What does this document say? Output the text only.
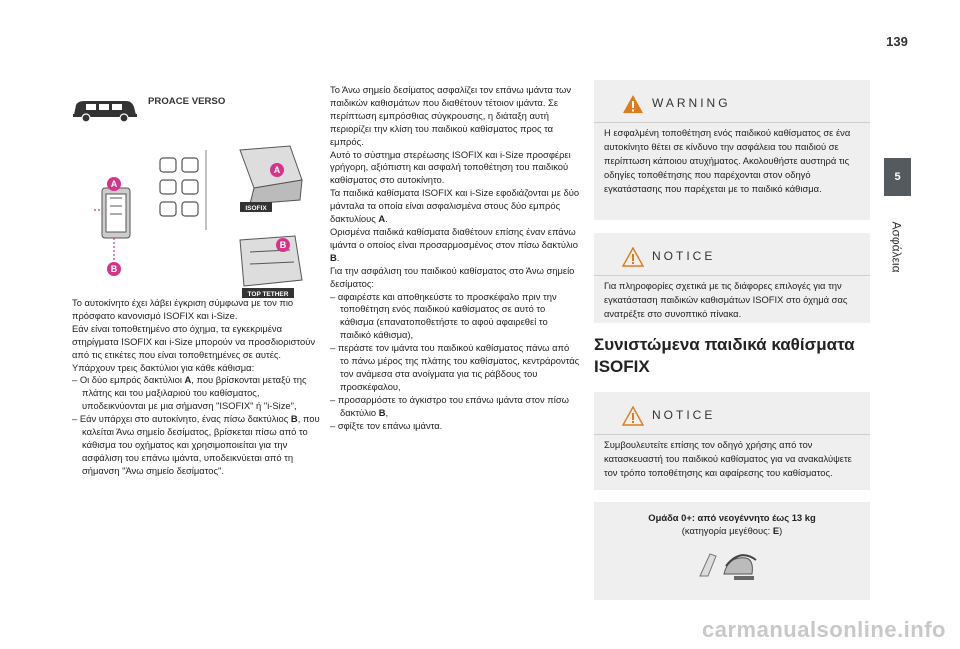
139
5
Ασφάλεια
PROACE VERSO
A
B
A
ISOFIX
B
TOP TETHER

Το αυτοκίνητο έχει λάβει έγκριση σύμφωνα με τον πιο πρόσφατο κανονισμό ISOFIX και i-Size.

Εάν είναι τοποθετημένο στο όχημα, τα εγκεκριμένα στηρίγματα ISOFIX και i-Size μπορούν να προσδιοριστούν από τις ετικέτες που είναι τοποθετημένες σε αυτές.

Υπάρχουν τρεις δακτύλιοι για κάθε κάθισμα:

– Οι δύο εμπρός δακτύλιοι A, που βρίσκονται μεταξύ της πλάτης και του μαξιλαριού του καθίσματος, υποδεικνύονται με μια σήμανση "ISOFIX" ή "i-Size",

– Εάν υπάρχει στο αυτοκίνητο, ένας πίσω δακτύλιος B, που καλείται Άνω σημείο δεσίματος, βρίσκεται πίσω από το κάθισμα του οχήματος και χρησιμοποιείται για την ασφάλιση του επάνω ιμάντα, υποδεικνύεται από τη σήμανση "Άνω σημείο δεσίματος".

Το Άνω σημείο δεσίματος ασφαλίζει τον επάνω ιμάντα των παιδικών καθισμάτων που διαθέτουν τέτοιον ιμάντα. Σε περίπτωση εμπρόσθιας σύγκρουσης, η διάταξη αυτή περιορίζει την κλίση του παιδικού καθίσματος προς τα εμπρός.

Αυτό το σύστημα στερέωσης ISOFIX και i-Size προσφέρει γρήγορη, αξιόπιστη και ασφαλή τοποθέτηση του παιδικού καθίσματος στο αυτοκίνητο.

Τα παιδικά καθίσματα ISOFIX και i-Size εφοδιάζονται με δύο μάνταλα τα οποία είναι ασφαλισμένα στους δύο εμπρός δακτυλίους A.

Ορισμένα παιδικά καθίσματα διαθέτουν επίσης έναν επάνω ιμάντα ο οποίος είναι προσαρμοσμένος στον πίσω δακτύλιο B.

Για την ασφάλιση του παιδικού καθίσματος στο Άνω σημείο δεσίματος:

– αφαιρέστε και αποθηκεύστε το προσκέφαλο πριν την τοποθέτηση ενός παιδικού καθίσματος σε αυτό το κάθισμα (επανατοποθετήστε το αφού αφαιρεθεί το παιδικό κάθισμα),

– περάστε τον ιμάντα του παιδικού καθίσματος πάνω από το πάνω μέρος της πλάτης του καθίσματος, κεντράροντάς τον ανάμεσα στα ανοίγματα για τις ράβδους του προσκέφαλου,

– προσαρμόστε το άγκιστρο του επάνω ιμάντα στον πίσω δακτύλιο B,

– σφίξτε τον επάνω ιμάντα.

WARNING
Η εσφαλμένη τοποθέτηση ενός παιδικού καθίσματος σε ένα αυτοκίνητο θέτει σε κίνδυνο την ασφάλεια του παιδιού σε περίπτωση κάποιου ατυχήματος. Ακολουθήστε αυστηρά τις οδηγίες τοποθέτησης που παρέχονται στον οδηγό εγκατάστασης που παρέχεται με το παιδικό κάθισμα.
NOTICE
Για πληροφορίες σχετικά με τις διάφορες επιλογές για την εγκατάσταση παιδικών καθισμάτων ISOFIX στο όχημά σας ανατρέξτε στο συνοπτικό πίνακα.
Συνιστώμενα παιδικά καθίσματα ISOFIX
NOTICE
Συμβουλευτείτε επίσης τον οδηγό χρήσης από τον κατασκευαστή του παιδικού καθίσματος για να ανακαλύψετε τον τρόπο τοποθέτησης και αφαίρεσης του καθίσματος.
Ομάδα 0+: από νεογέννητο έως 13 kg
(κατηγορία μεγέθους: E)
carmanualsonline.info
